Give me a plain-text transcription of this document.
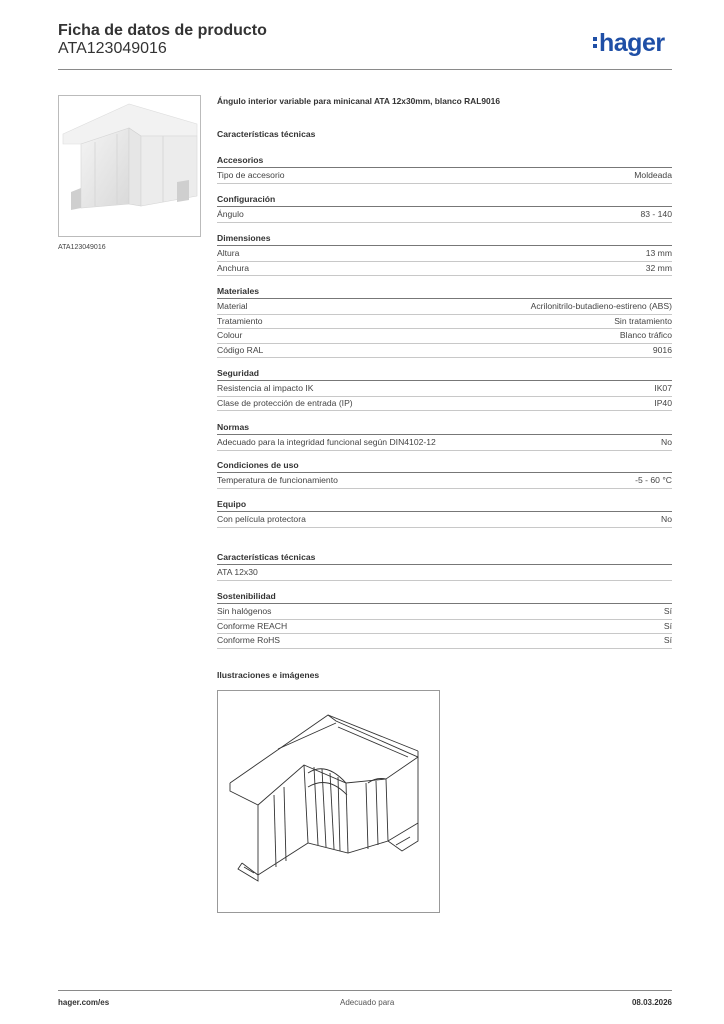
Ficha de datos de producto
ATA123049016	hager
ATA123049016
Ángulo interior variable para minicanal ATA 12x30mm, blanco RAL9016
Características técnicas
Accesorios
Tipo de accesorio	Moldeada
Configuración
Ángulo	83 - 140
Dimensiones
Altura	13 mm
Anchura	32 mm
Materiales
Material	Acrilonitrilo-butadieno-estireno (ABS)
Tratamiento	Sin tratamiento
Colour	Blanco tráfico
Código RAL	9016
Seguridad
Resistencia al impacto IK	IK07
Clase de protección de entrada (IP)	IP40
Normas
Adecuado para la integridad funcional según DIN4102-12	No
Condiciones de uso
Temperatura de funcionamiento	-5 - 60 °C
Equipo
Con película protectora	No
Características técnicas
ATA 12x30
Sostenibilidad
Sin halógenos	Sí
Conforme REACH	Sí
Conforme RoHS	Sí
Ilustraciones e imágenes
hager.com/es	Adecuado para	08.03.2026
